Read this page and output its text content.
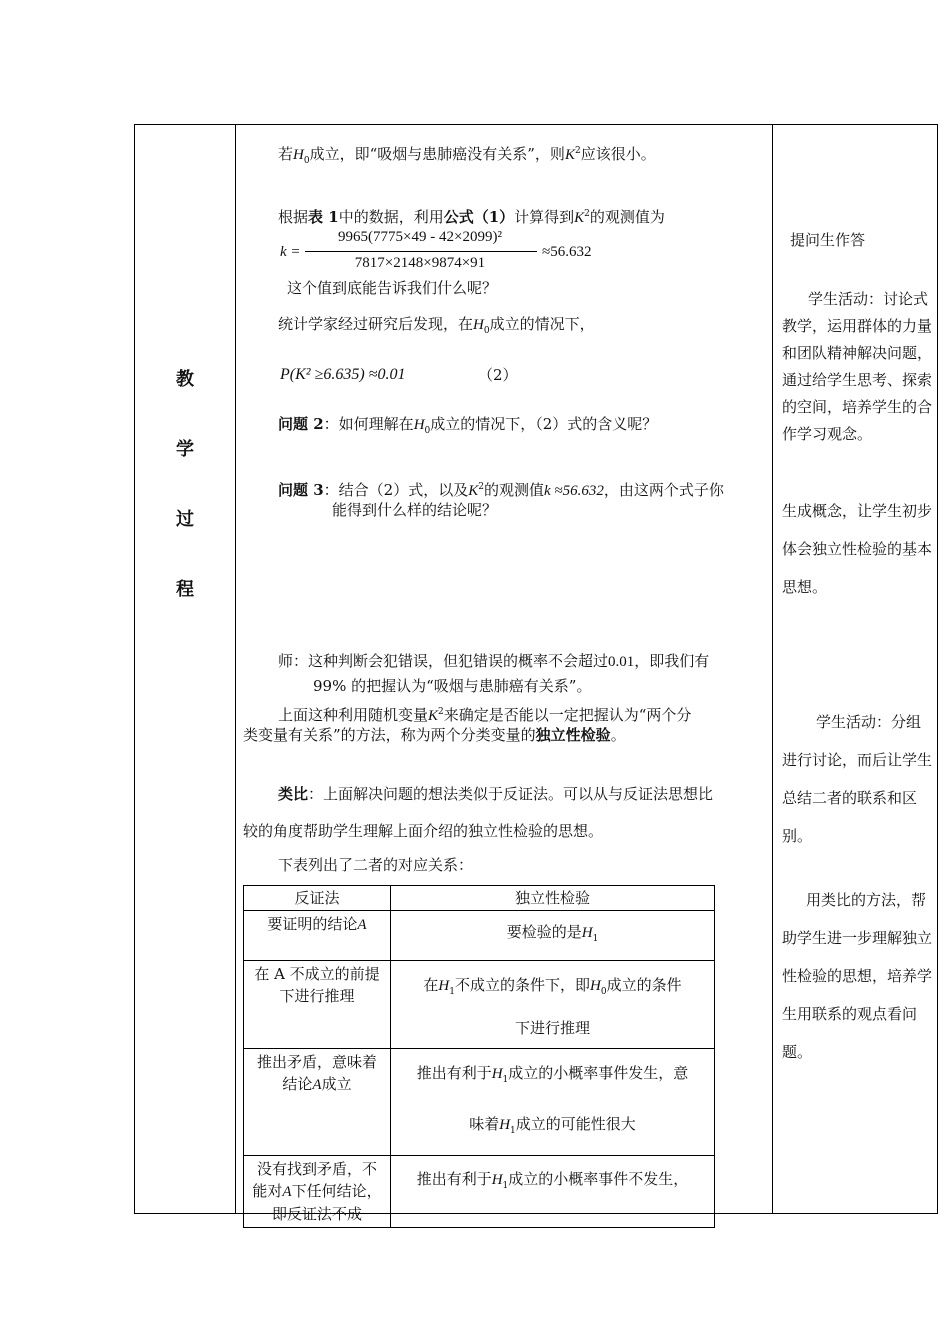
教
学
过
程
若$H_0$成立，即“吸烟与患肺癌没有关系”，则$K^2$应该很小。
根据表 1中的数据，利用公式（1）计算得到$K^2$的观测值为
k =
9965(7775×49 - 42×2099)²
7817×2148×9874×91
≈56.632
这个值到底能告诉我们什么呢？
统计学家经过研究后发现，在$H_0$成立的情况下，
P(K² ≥6.635) ≈0.01	（2）
问题 2：如何理解在$H_0$成立的情况下，（2）式的含义呢？
问题 3：结合（2）式，以及$K^2$的观测值k ≈56.632，由这两个式子你
能得到什么样的结论呢？
师：这种判断会犯错误，但犯错误的概率不会超过0.01，即我们有
99% 的把握认为“吸烟与患肺癌有关系”。
上面这种利用随机变量$K^2$来确定是否能以一定把握认为“两个分
类变量有关系”的方法，称为两个分类变量的独立性检验。
类比：上面解决问题的想法类似于反证法。可以从与反证法思想比
较的角度帮助学生理解上面介绍的独立性检验的思想。
下表列出了二者的对应关系：
反证法	独立性检验
要证明的结论A	要检验的是$H_1$
在 A 不成立的前提下进行推理	在$H_1$不成立的条件下，即$H_0$成立的条件
下进行推理
推出矛盾，意味着结论A成立	推出有利于$H_1$成立的小概率事件发生，意
味着$H_1$成立的可能性很大
没有找到矛盾，不能对A下任何结论，即反证法不成	推出有利于$H_1$成立的小概率事件不发生，
提问生作答
学生活动：讨论式教学，运用群体的力量和团队精神解决问题，通过给学生思考、探索的空间，培养学生的合作学习观念。
生成概念，让学生初步体会独立性检验的基本思想。
学生活动：分组进行讨论，而后让学生总结二者的联系和区别。
用类比的方法，帮助学生进一步理解独立性检验的思想，培养学生用联系的观点看问题。
